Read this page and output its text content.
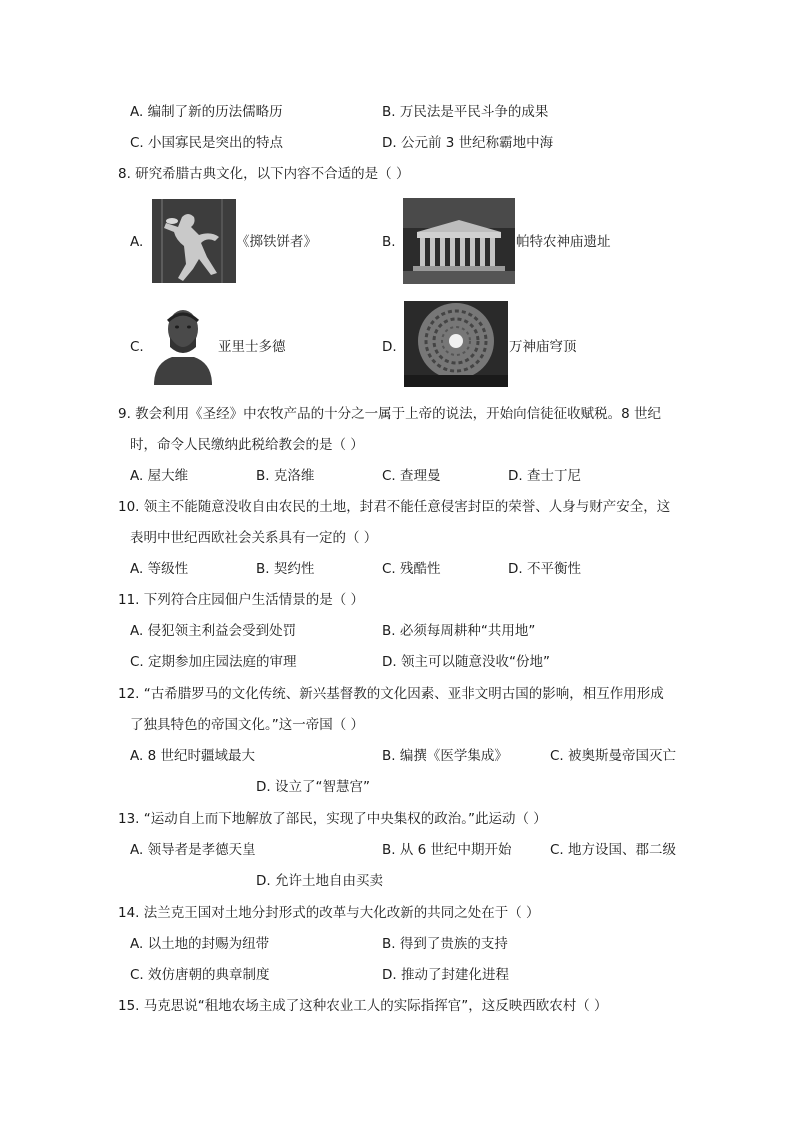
A. 编制了新的历法儒略历	B. 万民法是平民斗争的成果
C. 小国寡民是突出的特点	D. 公元前 3 世纪称霸地中海
8. 研究希腊古典文化，以下内容不合适的是（ ）
A.	《掷铁饼者》	B.	帕特农神庙遗址
C.	亚里士多德	D.	万神庙穹顶
9. 教会利用《圣经》中农牧产品的十分之一属于上帝的说法，开始向信徒征收赋税。8 世纪
时，命令人民缴纳此税给教会的是（ ）
A. 屋大维	B. 克洛维	C. 查理曼	D. 查士丁尼
10. 领主不能随意没收自由农民的土地，封君不能任意侵害封臣的荣誉、人身与财产安全，这
表明中世纪西欧社会关系具有一定的（ ）
A. 等级性	B. 契约性	C. 残酷性	D. 不平衡性
11. 下列符合庄园佃户生活情景的是（ ）
A. 侵犯领主利益会受到处罚	B. 必须每周耕种“共用地”
C. 定期参加庄园法庭的审理	D. 领主可以随意没收“份地”
12. “古希腊罗马的文化传统、新兴基督教的文化因素、亚非文明古国的影响，相互作用形成
了独具特色的帝国文化。”这一帝国（ ）
A. 8 世纪时疆域最大	B. 编撰《医学集成》	C. 被奥斯曼帝国灭亡
D. 设立了“智慧宫”
13. “运动自上而下地解放了部民，实现了中央集权的政治。”此运动（ ）
A. 领导者是孝德天皇	B. 从 6 世纪中期开始	C. 地方设国、郡二级
D. 允许土地自由买卖
14. 法兰克王国对土地分封形式的改革与大化改新的共同之处在于（ ）
A. 以土地的封赐为纽带	B. 得到了贵族的支持
C. 效仿唐朝的典章制度	D. 推动了封建化进程
15. 马克思说“租地农场主成了这种农业工人的实际指挥官”，这反映西欧农村（ ）
